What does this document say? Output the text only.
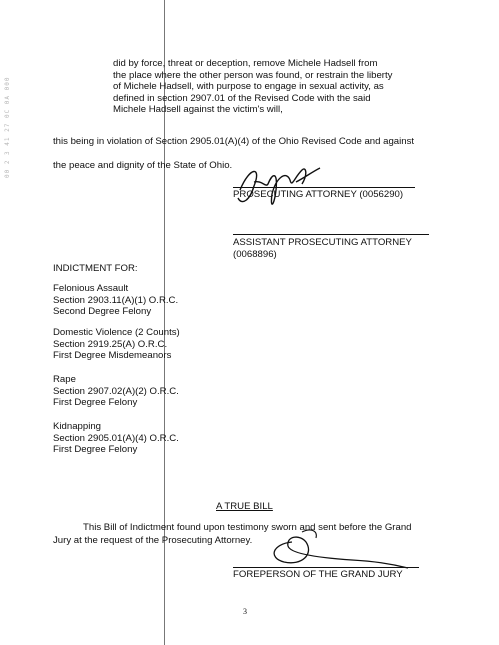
00 2 3 41 27 0C 0A 000
did by force, threat or deception, remove Michele Hadsell from
the place where the other person was found, or restrain the liberty
of Michele Hadsell, with purpose to engage in sexual activity, as
defined in section 2907.01 of the Revised Code with the said
Michele Hadsell against the victim's will,
this being in violation of Section 2905.01(A)(4) of the Ohio Revised Code and against
the peace and dignity of the State of Ohio.
PROSECUTING ATTORNEY (0056290)
ASSISTANT PROSECUTING ATTORNEY
(0068896)
INDICTMENT FOR:
Felonious Assault
Section 2903.11(A)(1) O.R.C.
Second Degree Felony
Domestic Violence (2 Counts)
Section 2919.25(A) O.R.C.
First Degree Misdemeanors
Rape
Section 2907.02(A)(2) O.R.C.
First Degree Felony
Kidnapping
Section 2905.01(A)(4) O.R.C.
First Degree Felony
A TRUE BILL
This Bill of Indictment found upon testimony sworn and sent before the Grand
Jury at the request of the Prosecuting Attorney.
FOREPERSON OF THE GRAND JURY
3
